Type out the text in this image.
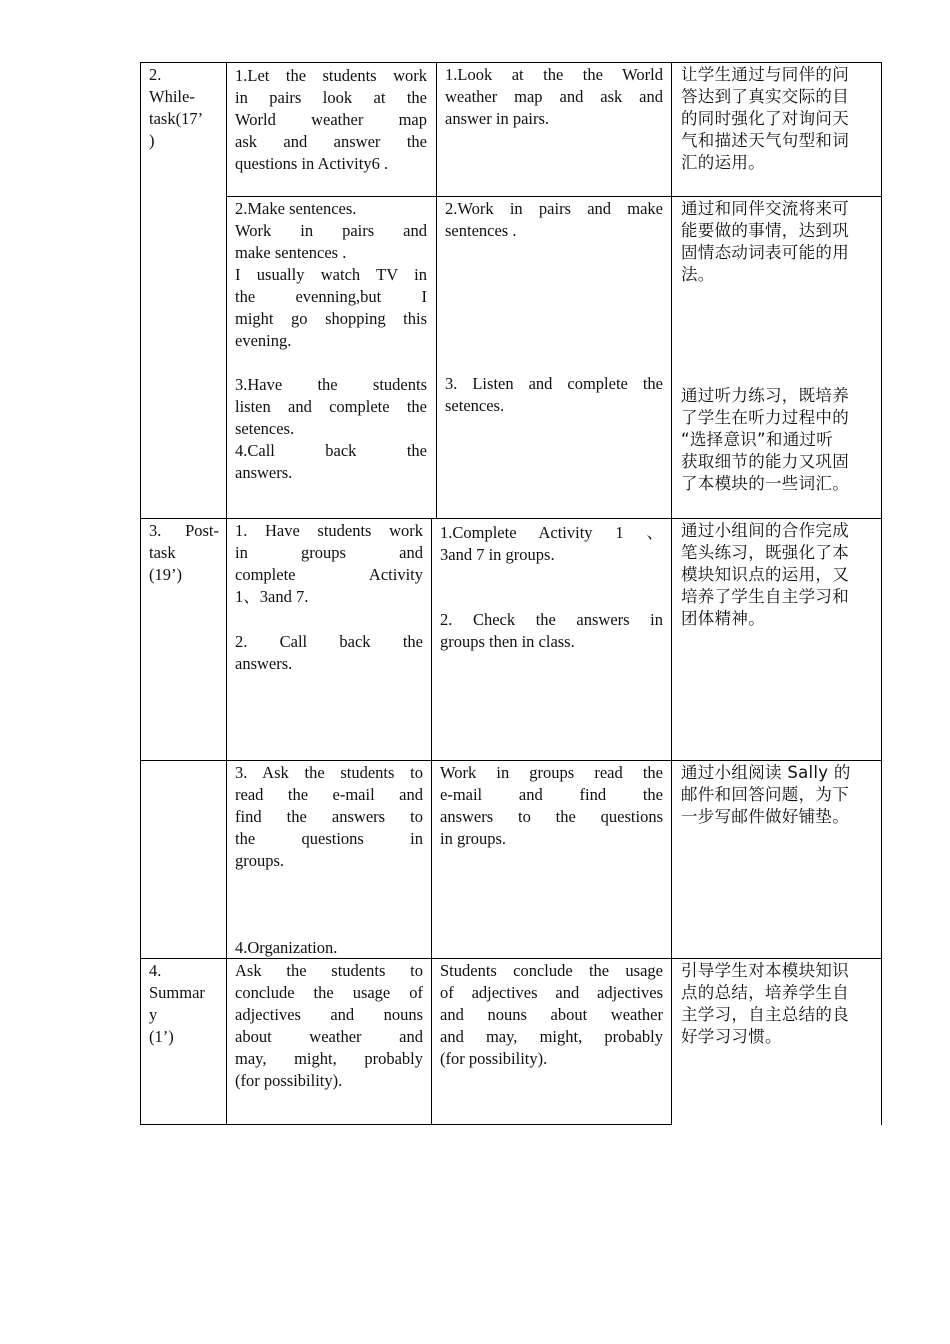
2.

While-

task(17’

)

1.Let the students work

in pairs look at the

World weather map

ask and answer the

questions in Activity6 .

1.Look at the the World

weather map and ask and

answer in pairs.

让学生通过与同伴的问

答达到了真实交际的目

的同时强化了对询问天

气和描述天气句型和词

汇的运用。

2.Make sentences.

Work in pairs and

make sentences .

I usually watch TV in

the evenning,but I

might go shopping this

evening.

3.Have the students

listen and complete the

setences.

4.Call back the

answers.

2.Work in pairs and make

sentences .

3. Listen and complete the

setences.

通过和同伴交流将来可

能要做的事情，达到巩

固情态动词表可能的用

法。

通过听力练习，既培养

了学生在听力过程中的

“选择意识”和通过听

获取细节的能力又巩固

了本模块的一些词汇。

3. Post-

task

(19’)

1. Have students work

in groups and

complete Activity

1、3and 7.

2. Call back the

answers.

1.Complete Activity 1 、

3and 7 in groups.

2. Check the answers in

groups then in class.

通过小组间的合作完成

笔头练习，既强化了本

模块知识点的运用，又

培养了学生自主学习和

团体精神。

3. Ask the students to

read the e-mail and

find the answers to

the questions in

groups.

4.Organization.

Work in groups read the

e-mail and find the

answers to the questions

in groups.

通过小组阅读 Sally 的

邮件和回答问题，为下

一步写邮件做好铺垫。

4.

Summar

y

(1’)

Ask the students to

conclude the usage of

adjectives and nouns

about weather and

may, might, probably

(for possibility).

Students conclude the usage

of adjectives and adjectives

and nouns about weather

and may, might, probably

(for possibility).

引导学生对本模块知识

点的总结，培养学生自

主学习，自主总结的良

好学习习惯。
